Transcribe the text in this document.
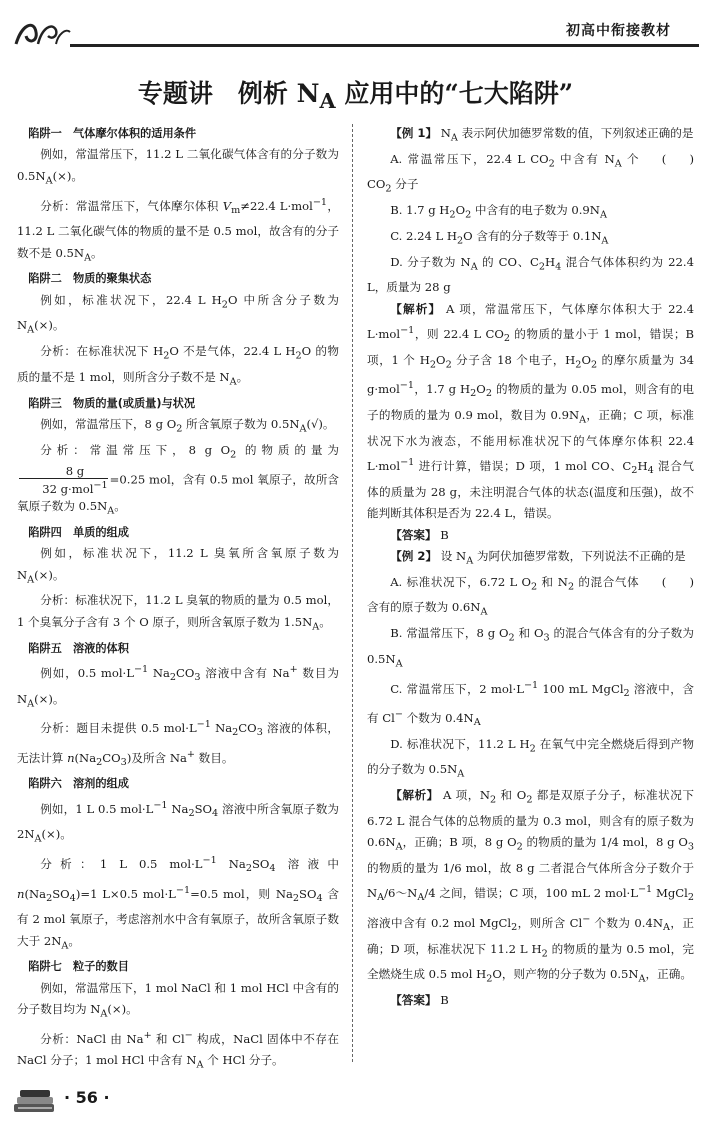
初高中衔接教材
专题讲　例析 $N_A$ 应用中的“七大陷阱”

陷阱一　气体摩尔体积的适用条件

例如，常温常压下，11.2 L 二氧化碳气体含有的分子数为 $0.5N_A(\times)$。

分析：常温常压下，气体摩尔体积 $V_m\ne 22.4$ L·mol$^{-1}$，11.2 L 二氧化碳气体的物质的量不是 0.5 mol，故含有的分子数不是 $0.5N_A$。

陷阱二　物质的聚集状态

例如，标准状况下，22.4 L $H_2O$ 中所含分子数为 $N_A(\times)$。

分析：在标准状况下 $H_2O$ 不是气体，22.4 L $H_2O$ 的物质的量不是 1 mol，则所含分子数不是 $N_A$。

陷阱三　物质的量(或质量)与状况

例如，常温常压下，8 g $O_2$ 所含氧原子数为 $0.5N_A(√)$。

分析：常温常压下，8 g $O_2$ 的物质的量为
$\frac{8 g}{32 g\cdot mol^{-1}} =0.25$ mol，含有 0.5 mol 氧原子，故所含氧原子数为 $0.5N_A$。

陷阱四　单质的组成

例如，标准状况下，11.2 L 臭氧所含氧原子数为 $N_A(\times)$。

分析：标准状况下，11.2 L 臭氧的物质的量为 0.5 mol，1 个臭氧分子含有 3 个 O 原子，则所含氧原子数为 $1.5N_A$。

陷阱五　溶液的体积

例如，0.5 $mol\cdot L^{-1}$ $Na_2CO_3$ 溶液中含有 Na+ 数目为 $N_A(\times)$。

分析：题目未提供 0.5 $mol\cdot L^{-1}$ $Na_2CO_3$ 溶液的体积，无法计算 $n(Na_2CO_3)$及所含 Na+ 数目。

陷阱六　溶剂的组成

例如，1 L 0.5 $mol\cdot L^{-1}$ $Na_2SO_4$ 溶液中所含氧原子数为 $2N_A(\times)$。

分析：1 L 0.5 $mol\cdot L^{-1}$ $Na_2SO_4$ 溶液中 $n(Na_2SO_4)=1$ L×0.5 $mol\cdot L^{-1}=0.5$ mol，则 $Na_2SO_4$ 含有 2 mol 氧原子，考虑溶剂水中含有氧原子，故所含氧原子数大于 $2N_A$。

陷阱七　粒子的数目

例如，常温常压下，1 mol NaCl 和 1 mol HCl 中含有的分子数目均为 $N_A(\times)$。

分析：NaCl 由 Na+ 和 Cl− 构成，NaCl 固体中不存在 NaCl 分子；1 mol HCl 中含有 $N_A$ 个 HCl 分子。

【例 1】 $N_A$ 表示阿伏加德罗常数的值，下列叙述正确的是
(　　)

A. 常温常压下，22.4 L $CO_2$ 中含有 $N_A$ 个 $CO_2$ 分子

B. 1.7 g $H_2O_2$ 中含有的电子数为 $0.9N_A$

C. 2.24 L $H_2O$ 含有的分子数等于 $0.1N_A$

D. 分子数为 $N_A$ 的 CO、$C_2H_4$ 混合气体体积约为 22.4 L，质量为 28 g

【解析】 A 项，常温常压下，气体摩尔体积大于 22.4 L·mol$^{-1}$，则 22.4 L $CO_2$ 的物质的量小于 1 mol，错误；B 项，1 个 $H_2O_2$ 分子含 18 个电子，$H_2O_2$ 的摩尔质量为 34 g·mol$^{-1}$，1.7 g $H_2O_2$ 的物质的量为 0.05 mol，则含有的电子的物质的量为 0.9 mol，数目为 $0.9N_A$，正确；C 项，标准状况下水为液态，不能用标准状况下的气体摩尔体积 22.4 L·mol$^{-1}$ 进行计算，错误；D 项，1 mol CO、$C_2H_4$ 混合气体的质量为 28 g，未注明混合气体的状态(温度和压强)，故不能判断其体积是否为 22.4 L，错误。

【答案】 B

【例 2】 设 $N_A$ 为阿伏加德罗常数，下列说法不正确的是
(　　)

A. 标准状况下，6.72 L $O_2$ 和 $N_2$ 的混合气体含有的原子数为 $0.6N_A$

B. 常温常压下，8 g $O_2$ 和 $O_3$ 的混合气体含有的分子数为 $0.5N_A$

C. 常温常压下，2 $mol\cdot L^{-1}$ 100 mL MgCl$_2$ 溶液中，含有 Cl− 个数为 $0.4N_A$

D. 标准状况下，11.2 L $H_2$ 在氧气中完全燃烧后得到产物的分子数为 $0.5N_A$

【解析】 A 项，$N_2$ 和 $O_2$ 都是双原子分子，标准状况下 6.72 L 混合气体的总物质的量为 0.3 mol，则含有的原子数为 $0.6N_A$，正确；B 项，8 g $O_2$ 的物质的量为 1/4 mol，8 g $O_3$ 的物质的量为 1/6 mol，故 8 g 二者混合气体所含分子数介于 $N_A/6\sim N_A/4$ 之间，错误；C 项，100 mL 2 $mol\cdot L^{-1}$ MgCl$_2$ 溶液中含有 0.2 mol MgCl$_2$，则所含 Cl− 个数为 $0.4N_A$，正确；D 项，标准状况下 11.2 L $H_2$ 的物质的量为 0.5 mol，完全燃烧生成 0.5 mol $H_2O$，则产物的分子数为 $0.5N_A$，正确。

【答案】 B

· 56 ·
